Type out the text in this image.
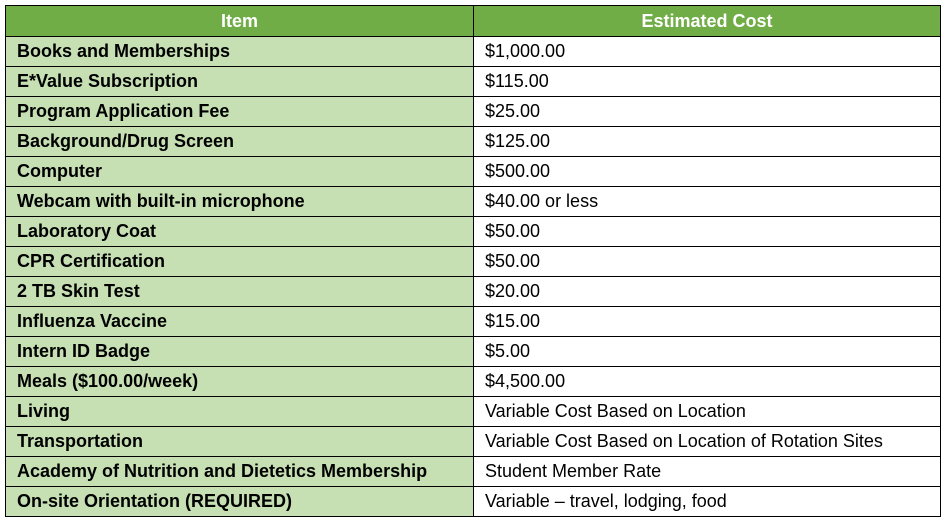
Item	Estimated Cost
Books and Memberships	$1,000.00
E*Value Subscription	$115.00
Program Application Fee	$25.00
Background/Drug Screen	$125.00
Computer	$500.00
Webcam with built-in microphone	$40.00 or less
Laboratory Coat	$50.00
CPR Certification	$50.00
2 TB Skin Test	$20.00
Influenza Vaccine	$15.00
Intern ID Badge	$5.00
Meals ($100.00/week)	$4,500.00
Living	Variable Cost Based on Location
Transportation	Variable Cost Based on Location of Rotation Sites
Academy of Nutrition and Dietetics Membership	Student Member Rate
On-site Orientation (REQUIRED)	Variable – travel, lodging, food
